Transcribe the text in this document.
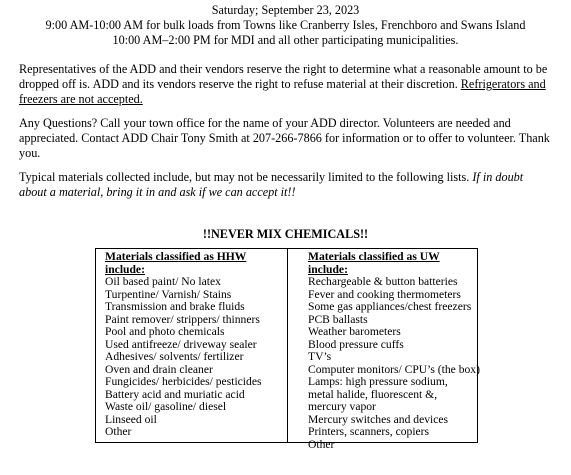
Saturday; September 23, 2023
9:00 AM-10:00 AM for bulk loads from Towns like Cranberry Isles, Frenchboro and Swans Island
10:00 AM–2:00 PM for MDI and all other participating municipalities.
Representatives of the ADD and their vendors reserve the right to determine what a reasonable amount to be dropped off is. ADD and its vendors reserve the right to refuse material at their discretion. Refrigerators and freezers are not accepted.
Any Questions? Call your town office for the name of your ADD director. Volunteers are needed and appreciated. Contact ADD Chair Tony Smith at 207-266-7866 for information or to offer to volunteer. Thank you.
Typical materials collected include, but may not be necessarily limited to the following lists. If in doubt about a material, bring it in and ask if we can accept it!!
!!NEVER MIX CHEMICALS!!
Materials classified as HHW include:
Oil based paint/ No latex
Turpentine/ Varnish/ Stains
Transmission and brake fluids
Paint remover/ strippers/ thinners
Pool and photo chemicals
Used antifreeze/ driveway sealer
Adhesives/ solvents/ fertilizer
Oven and drain cleaner
Fungicides/ herbicides/ pesticides
Battery acid and muriatic acid
Waste oil/ gasoline/ diesel
Linseed oil
Other
Materials classified as UW include:
Rechargeable & button batteries
Fever and cooking thermometers
Some gas appliances/chest freezers
PCB ballasts
Weather barometers
Blood pressure cuffs
TV’s
Computer monitors/ CPU’s (the box)
Lamps: high pressure sodium, metal halide, fluorescent &, mercury vapor
Mercury switches and devices
Printers, scanners, copiers
Other
